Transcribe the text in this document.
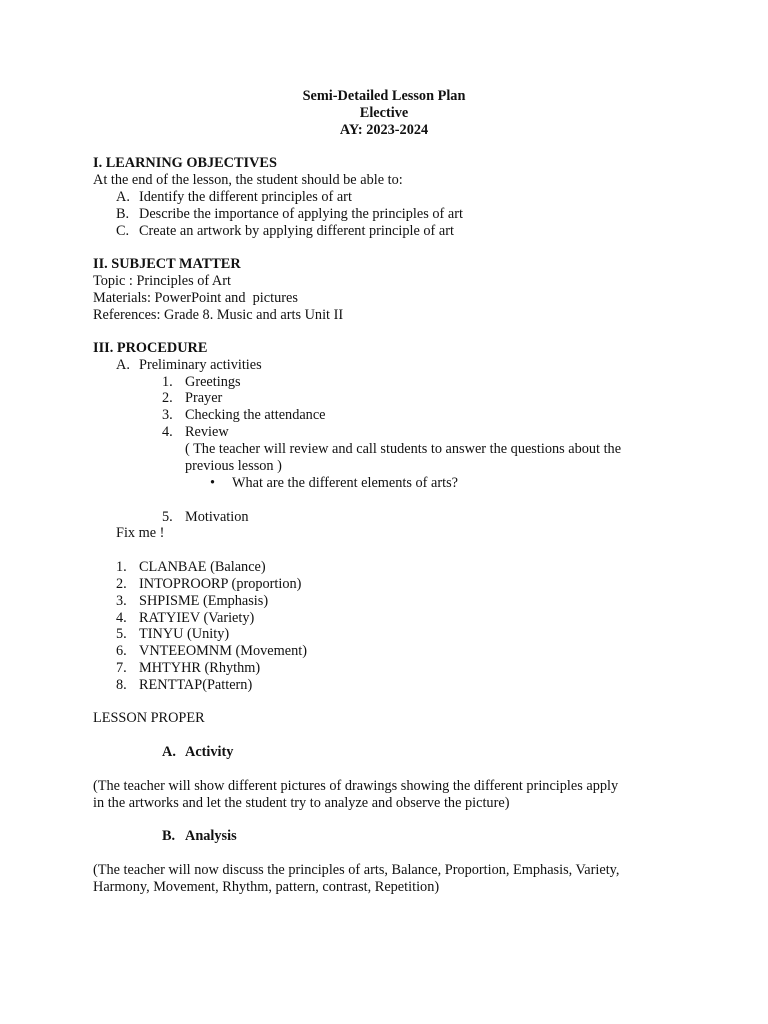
Semi-Detailed Lesson Plan
Elective
AY: 2023-2024
I. LEARNING OBJECTIVES
At the end of the lesson, the student should be able to:
A. Identify the different principles of art
B. Describe the importance of applying the principles of art
C. Create an artwork by applying different principle of art
II. SUBJECT MATTER
Topic : Principles of Art
Materials: PowerPoint and  pictures
References: Grade 8. Music and arts Unit II
III. PROCEDURE
A. Preliminary activities
1. Greetings
2. Prayer
3. Checking the attendance
4. Review
( The teacher will review and call students to answer the questions about the
previous lesson )
• What are the different elements of arts?
5. Motivation
Fix me !
1. CLANBAE (Balance)
2. INTOPROORP (proportion)
3. SHPISME (Emphasis)
4. RATYIEV (Variety)
5. TINYU (Unity)
6. VNTEEOMNM (Movement)
7. MHTYHR (Rhythm)
8. RENTTAP(Pattern)
LESSON PROPER
A. Activity
(The teacher will show different pictures of drawings showing the different principles apply
in the artworks and let the student try to analyze and observe the picture)
B. Analysis
(The teacher will now discuss the principles of arts, Balance, Proportion, Emphasis, Variety,
Harmony, Movement, Rhythm, pattern, contrast, Repetition)
